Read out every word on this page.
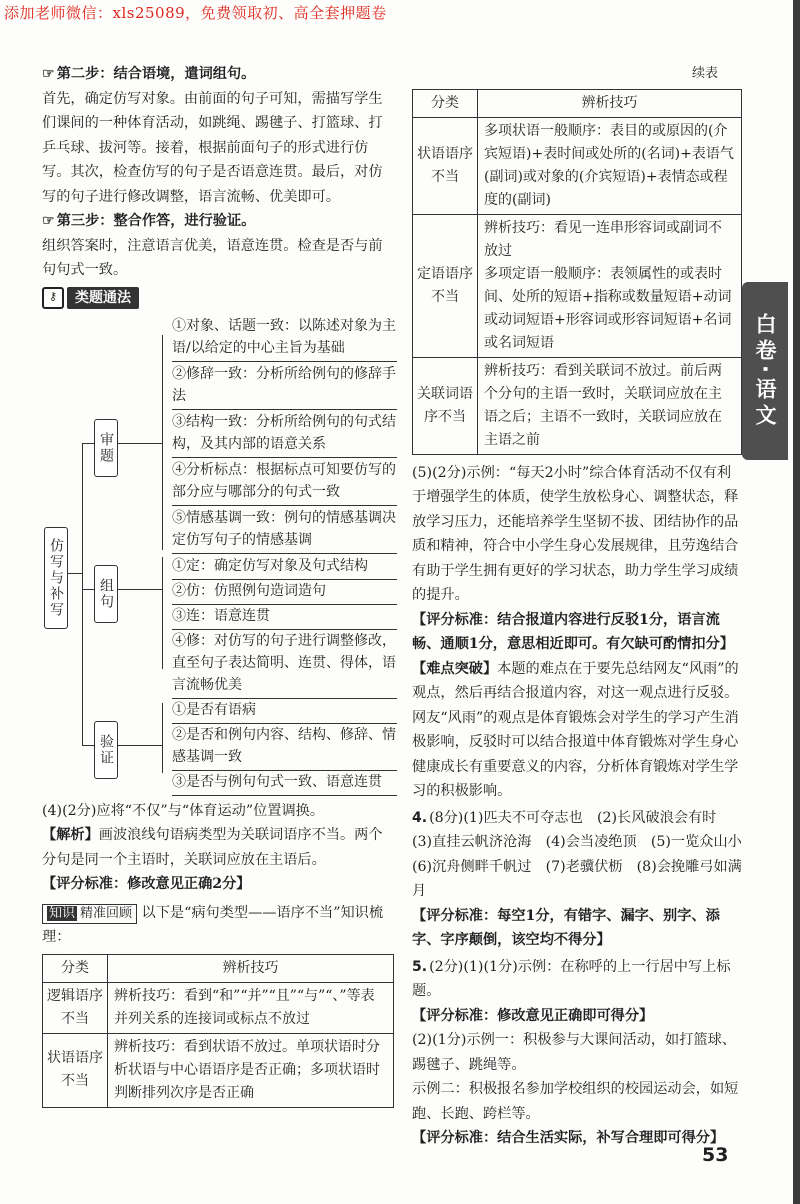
添加老师微信：xls25089，免费领取初、高全套押题卷

☞ 第二步：结合语境，遣词组句。

首先，确定仿写对象。由前面的句子可知，需描写学生们课间的一种体育活动，如跳绳、踢毽子、打篮球、打乒乓球、拔河等。接着，根据前面句子的形式进行仿写。其次，检查仿写的句子是否语意连贯。最后，对仿写的句子进行修改调整，语言流畅、优美即可。

☞ 第三步：整合作答，进行验证。

组织答案时，注意语言优美，语意连贯。检查是否与前句句式一致。

⚷ 类题通法
仿写与补写
审题
组句
验证
①对象、话题一致：以陈述对象为主语/以给定的中心主旨为基础
②修辞一致：分析所给例句的修辞手法
③结构一致：分析所给例句的句式结构，及其内部的语意关系
④分析标点：根据标点可知要仿写的部分应与哪部分的句式一致
⑤情感基调一致：例句的情感基调决定仿写句子的情感基调
①定：确定仿写对象及句式结构
②仿：仿照例句造词造句
③连：语意连贯
④修：对仿写的句子进行调整修改，直至句子表达简明、连贯、得体，语言流畅优美
①是否有语病
②是否和例句内容、结构、修辞、情感基调一致
③是否与例句句式一致、语意连贯

(4)(2分)应将“不仅”与“体育运动”位置调换。

【解析】画波浪线句语病类型为关联词语序不当。两个分句是同一个主语时，关联词应放在主语后。

【评分标准：修改意见正确2分】

知识 精准回顾 以下是“病句类型——语序不当”知识梳理：

分类	辨析技巧
逻辑语序不当	辨析技巧：看到“和”“并”“且”“与”“、”等表并列关系的连接词或标点不放过
状语语序不当	辨析技巧：看到状语不放过。单项状语时分析状语与中心语语序是否正确；多项状语时判断排列次序是否正确
续表
分类	辨析技巧
状语语序不当	多项状语一般顺序：表目的或原因的(介宾短语)+表时间或处所的(名词)+表语气(副词)或对象的(介宾短语)+表情态或程度的(副词)
定语语序不当	辨析技巧：看见一连串形容词或副词不放过
多项定语一般顺序：表领属性的或表时间、处所的短语+指称或数量短语+动词或动词短语+形容词或形容词短语+名词或名词短语
关联词语序不当	辨析技巧：看到关联词不放过。前后两个分句的主语一致时，关联词应放在主语之后；主语不一致时，关联词应放在主语之前

(5)(2分)示例：“每天2小时”综合体育活动不仅有利于增强学生的体质，使学生放松身心、调整状态，释放学习压力，还能培养学生坚韧不拔、团结协作的品质和精神，符合中小学生身心发展规律，且劳逸结合有助于学生拥有更好的学习状态，助力学生学习成绩的提升。

【评分标准：结合报道内容进行反驳1分，语言流畅、通顺1分，意思相近即可。有欠缺可酌情扣分】

【难点突破】本题的难点在于要先总结网友“风雨”的观点，然后再结合报道内容，对这一观点进行反驳。网友“风雨”的观点是体育锻炼会对学生的学习产生消极影响，反驳时可以结合报道中体育锻炼对学生身心健康成长有重要意义的内容，分析体育锻炼对学生学习的积极影响。

4. (8分)(1)匹夫不可夺志也　(2)长风破浪会有时　(3)直挂云帆济沧海　(4)会当凌绝顶　(5)一览众山小　(6)沉舟侧畔千帆过　(7)老骥伏枥　(8)会挽雕弓如满月

【评分标准：每空1分，有错字、漏字、别字、添字、字序颠倒，该空均不得分】

5. (2分)(1)(1分)示例：在称呼的上一行居中写上标题。

【评分标准：修改意见正确即可得分】

(2)(1分)示例一：积极参与大课间活动，如打篮球、踢毽子、跳绳等。

示例二：积极报名参加学校组织的校园运动会，如短跑、长跑、跨栏等。

【评分标准：结合生活实际，补写合理即可得分】

白卷·语文
53
